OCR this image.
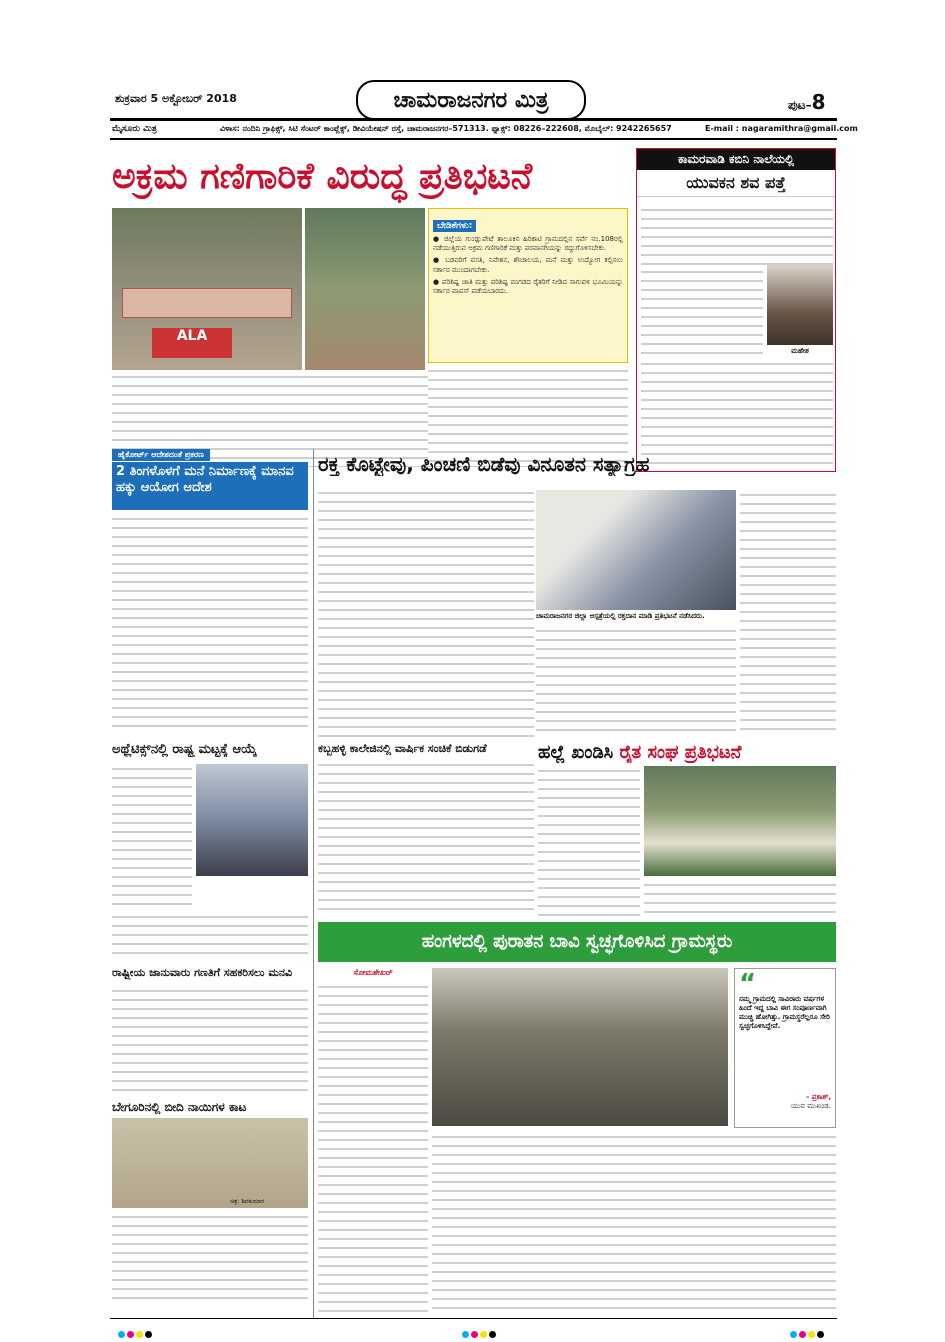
ಶುಕ್ರವಾರ 5 ಅಕ್ಟೋಬರ್ 2018	ಚಾಮರಾಜನಗರ ಮಿತ್ರ	ಪುಟ–8
ಮೈಸೂರು ಮಿತ್ರ	ವಿಳಾಸ: ನಂದಿನಿ ಗ್ರಾಫಿಕ್ಸ್, ಸಿಟಿ ಸೆಂಟರ್ ಕಾಂಪ್ಲೆಕ್ಸ್, ಡೀವಿಯೇಷನ್ ರಸ್ತೆ, ಚಾಮರಾಜನಗರ–571313. ಫ್ಯಾಕ್ಸ್: 08226–222608, ಮೊಬೈಲ್: 9242265657	E-mail : nagaramithra@gmail.com
ಅಕ್ರಮ ಗಣಿಗಾರಿಕೆ ವಿರುದ್ಧ ಪ್ರತಿಭಟನೆ
ALA
ಬೇಡಿಕೆಗಳು:
● ಜಿಲ್ಲೆಯ ಗುಂಡ್ಲುಪೇಟೆ ತಾಲೂಕಿನ ಹಿರಿಕಾಟಿ ಗ್ರಾಮದಲ್ಲಿನ ಸರ್ವೆ ನಂ.108ರಲ್ಲಿ ನಡೆಯುತ್ತಿರುವ ಅಕ್ರಮ ಗಣಿಗಾರಿಕೆ ಮತ್ತು ಪರವಾನಗಿಯನ್ನು ರದ್ದುಗೊಳಿಸಬೇಕು.
● ಬಡವರಿಗೆ ವಸತಿ, ನಿವೇಶನ, ಶೌಚಾಲಯ, ಮನೆ ಮತ್ತು ಉದ್ಯೋಗ ಕಲ್ಪಿಸಲು ಸರ್ಕಾರ ಮುಂದಾಗಬೇಕು.
● ಪರಿಶಿಷ್ಟ ಜಾತಿ ಮತ್ತು ಪರಿಶಿಷ್ಟ ಪಂಗಡದ ರೈತರಿಗೆ ನೀಡಿದ ಸಾಗುವಳಿ ಭೂಮಿಯನ್ನು ಸರ್ಕಾರ ವಾಪಸ್ ಪಡೆಯಬಾರದು.
ಕಾಮರವಾಡಿ ಕಬಿನಿ ನಾಲೆಯಲ್ಲಿ
ಯುವಕನ ಶವ ಪತ್ತೆ
ಮಹೇಶ
ಹೈಕೋರ್ಟ್ ಆದೇಶದಂತೆ ಪ್ರಕರಣ
2 ತಿಂಗಳೊಳಗೆ ಮನೆ ನಿರ್ಮಾಣಕ್ಕೆ ಮಾನವ ಹಕ್ಕು ಆಯೋಗ ಆದೇಶ
ರಕ್ತ ಕೊಟ್ಟೇವು, ಪಿಂಚಣಿ ಬಿಡೆವು ವಿನೂತನ ಸತ್ಯಾಗ್ರಹ
ಚಾಮರಾಜನಗರ ಜಿಲ್ಲಾ ಆಸ್ಪತ್ರೆಯಲ್ಲಿ ರಕ್ತದಾನ ಮಾಡಿ ಪ್ರತಿಭಟನೆ ನಡೆಸಿದರು.
ಅಥ್ಲೆಟಿಕ್ಸ್‌ನಲ್ಲಿ ರಾಷ್ಟ್ರ ಮಟ್ಟಕ್ಕೆ ಆಯ್ಕೆ
ರಾಷ್ಟ್ರೀಯ ಜಾನುವಾರು ಗಣತಿಗೆ ಸಹಕರಿಸಲು ಮನವಿ
ಬೇಗೂರಿನಲ್ಲಿ ಬೀದಿ ನಾಯಿಗಳ ಕಾಟ
ಚಿತ್ರ: ಶಿವಕುಮಾರ
ಕಬ್ಬಹಳ್ಳಿ ಕಾಲೇಜಿನಲ್ಲಿ ವಾರ್ಷಿಕ ಸಂಚಿಕೆ ಬಿಡುಗಡೆ	ಹಲ್ಲೆ ಖಂಡಿಸಿ ರೈತ ಸಂಘ ಪ್ರತಿಭಟನೆ
ಹಂಗಳದಲ್ಲಿ ಪುರಾತನ ಬಾವಿ ಸ್ವಚ್ಛಗೊಳಿಸಿದ ಗ್ರಾಮಸ್ಥರು
ಸೋಮಶೇಖರ್	“
ನಮ್ಮ ಗ್ರಾಮದಲ್ಲಿ ಸಾವಿರಾರು ವರ್ಷಗಳ ಹಿಂದೆ ಇದ್ದ ಬಾವಿ ಈಗ ಸಂಪೂರ್ಣವಾಗಿ ಮುಚ್ಚಿ ಹೋಗಿತ್ತು. ಗ್ರಾಮಸ್ಥರೆಲ್ಲರೂ ಸೇರಿ ಸ್ವಚ್ಛಗೊಳಿಸಿದ್ದೇವೆ.
– ಪ್ರಕಾಶ್,
ಯುವ ಮುಖಂಡ.
